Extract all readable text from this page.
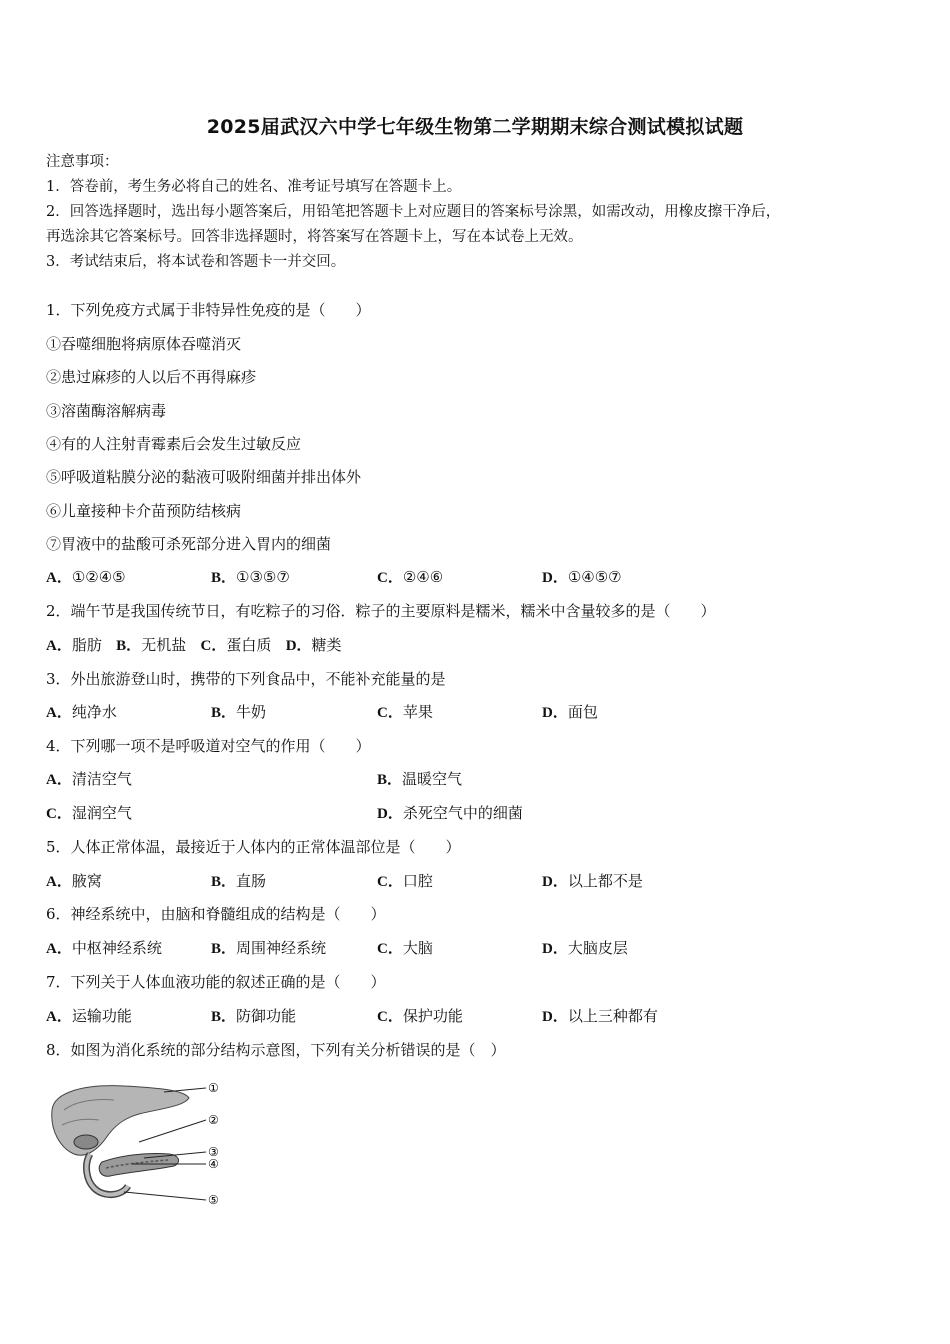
2025届武汉六中学七年级生物第二学期期末综合测试模拟试题
注意事项：
1．答卷前，考生务必将自己的姓名、准考证号填写在答题卡上。
2．回答选择题时，选出每小题答案后，用铅笔把答题卡上对应题目的答案标号涂黑，如需改动，用橡皮擦干净后，
再选涂其它答案标号。回答非选择题时，将答案写在答题卡上，写在本试卷上无效。
3．考试结束后，将本试卷和答题卡一并交回。
1．下列免疫方式属于非特异性免疫的是（　　）
①吞噬细胞将病原体吞噬消灭
②患过麻疹的人以后不再得麻疹
③溶菌酶溶解病毒
④有的人注射青霉素后会发生过敏反应
⑤呼吸道粘膜分泌的黏液可吸附细菌并排出体外
⑥儿童接种卡介苗预防结核病
⑦胃液中的盐酸可杀死部分进入胃内的细菌
A．①②④⑤	B．①③⑤⑦	C．②④⑥	D．①④⑤⑦
2．端午节是我国传统节日，有吃粽子的习俗．粽子的主要原料是糯米，糯米中含量较多的是（　　）
A．脂肪 B．无机盐 C．蛋白质 D．糖类
3．外出旅游登山时，携带的下列食品中，不能补充能量的是
A．纯净水	B．牛奶	C．苹果	D．面包
4．下列哪一项不是呼吸道对空气的作用（　　）
A．清洁空气	B．温暖空气
C．湿润空气	D．杀死空气中的细菌
5．人体正常体温，最接近于人体内的正常体温部位是（　　）
A．腋窝	B．直肠	C．口腔	D．以上都不是
6．神经系统中，由脑和脊髓组成的结构是（　　）
A．中枢神经系统	B．周围神经系统	C．大脑	D．大脑皮层
7．下列关于人体血液功能的叙述正确的是（　　）
A．运输功能	B．防御功能	C．保护功能	D．以上三种都有
8．如图为消化系统的部分结构示意图，下列有关分析错误的是（　）
①
②
③
④
⑤
